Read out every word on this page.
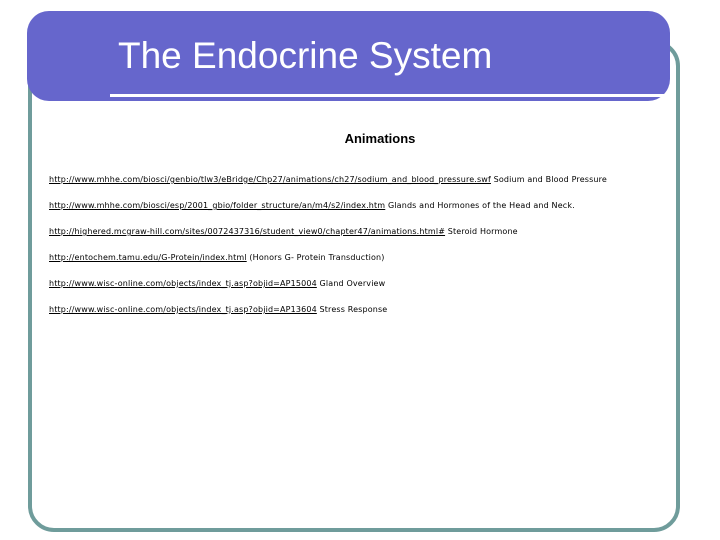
The Endocrine System
Animations
http://www.mhhe.com/biosci/genbio/tlw3/eBridge/Chp27/animations/ch27/sodium_and_blood_pressure.swf Sodium and Blood Pressure
http://www.mhhe.com/biosci/esp/2001_gbio/folder_structure/an/m4/s2/index.htm Glands and Hormones of the Head and Neck.
http://highered.mcgraw-hill.com/sites/0072437316/student_view0/chapter47/animations.html# Steroid Hormone
http://entochem.tamu.edu/G-Protein/index.html (Honors G- Protein Transduction)
http://www.wisc-online.com/objects/index_tj.asp?objid=AP15004 Gland Overview
http://www.wisc-online.com/objects/index_tj.asp?objid=AP13604 Stress Response
